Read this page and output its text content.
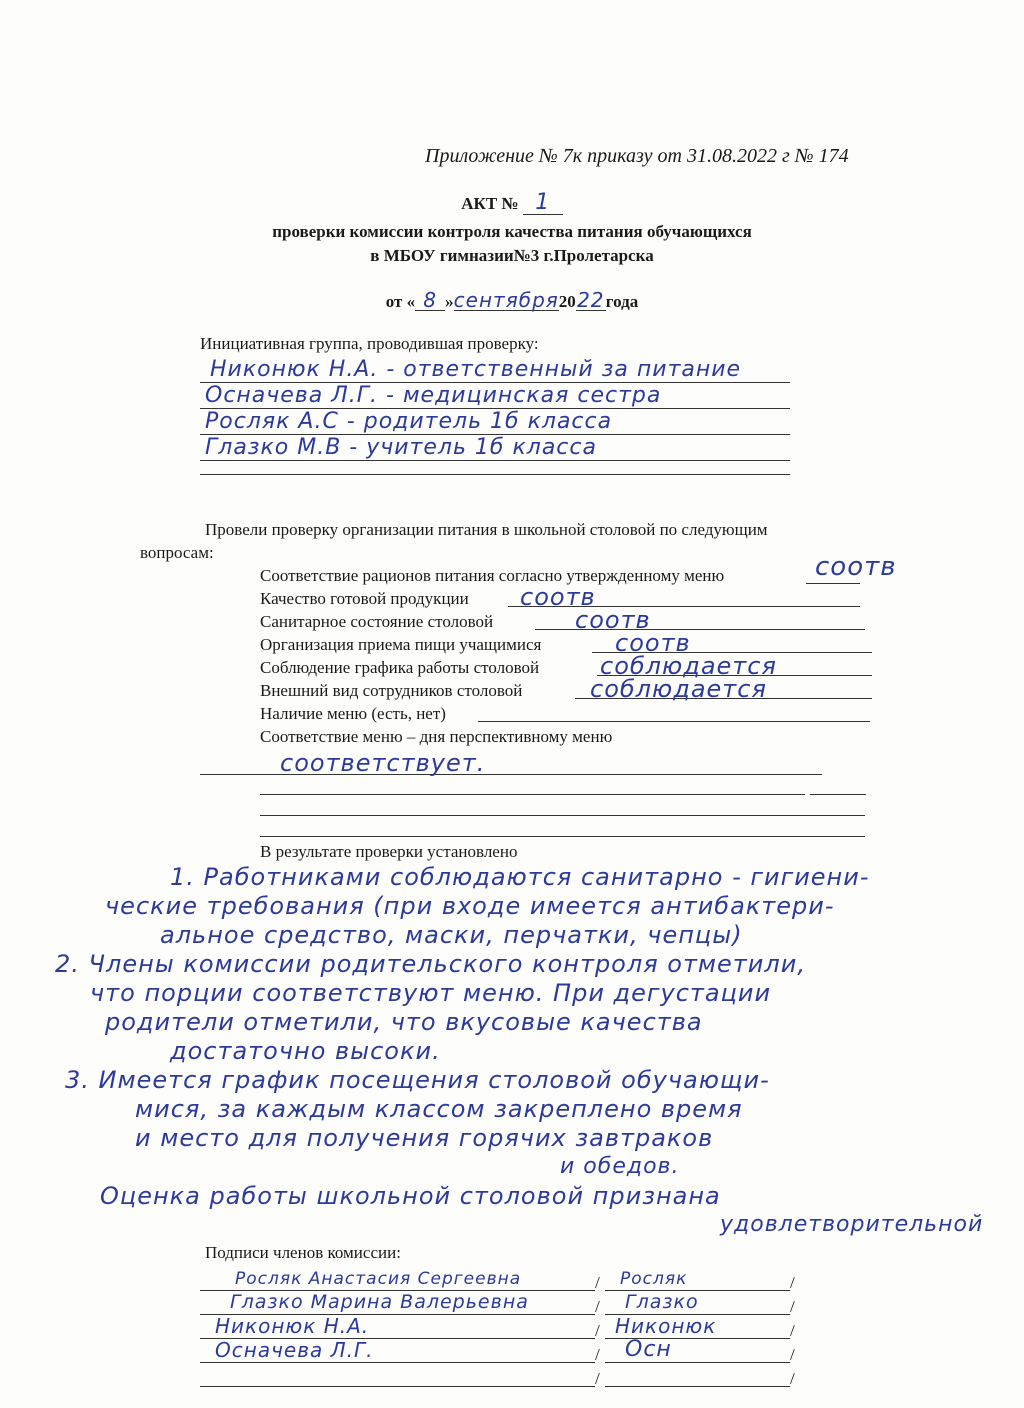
Приложение № 7к приказу от 31.08.2022 г № 174
АКТ № 1
проверки комиссии контроля качества питания обучающихся
в МБОУ гимназии№3 г.Пролетарска
от « 8 »сентября2022года
Инициативная группа, проводившая проверку:
Никонюк Н.А. - ответственный за питание
Осначева Л.Г. - медицинская сестра
Росляк А.С - родитель 1б класса
Глазко М.В - учитель 1б класса
Провели проверку организации питания в школьной столовой по следующим
вопросам:
Соответствие рационов питания согласно утвержденному меню	соотв
Качество готовой продукции соотв
Санитарное состояние столовой	соотв
Организация приема пищи учащимися	соотв
Соблюдение графика работы столовой	соблюдается
Внешний вид сотрудников столовой	соблюдается
Наличие меню (есть, нет)
Соответствие меню – дня перспективному меню
соответствует.
В результате проверки установлено
1. Работниками соблюдаются санитарно - гигиени-
ческие требования (при входе имеется антибактери-
альное средство, маски, перчатки, чепцы)
2. Члены комиссии родительского контроля отметили,
что порции соответствуют меню. При дегустации
родители отметили, что вкусовые качества
достаточно высоки.
3. Имеется график посещения столовой обучающи-
мися, за каждым классом закреплено время
и место для получения горячих завтраков
и обедов.
Оценка работы школьной столовой признана
удовлетворительной
Подписи членов комиссии:
/	/
Росляк Анастасия Сергеевна	Росляк
/	/
Глазко Марина Валерьевна	Глазко
/	/
Никонюк Н.А.	Никонюк
/	/
Осначева Л.Г.	Осн
/	/
